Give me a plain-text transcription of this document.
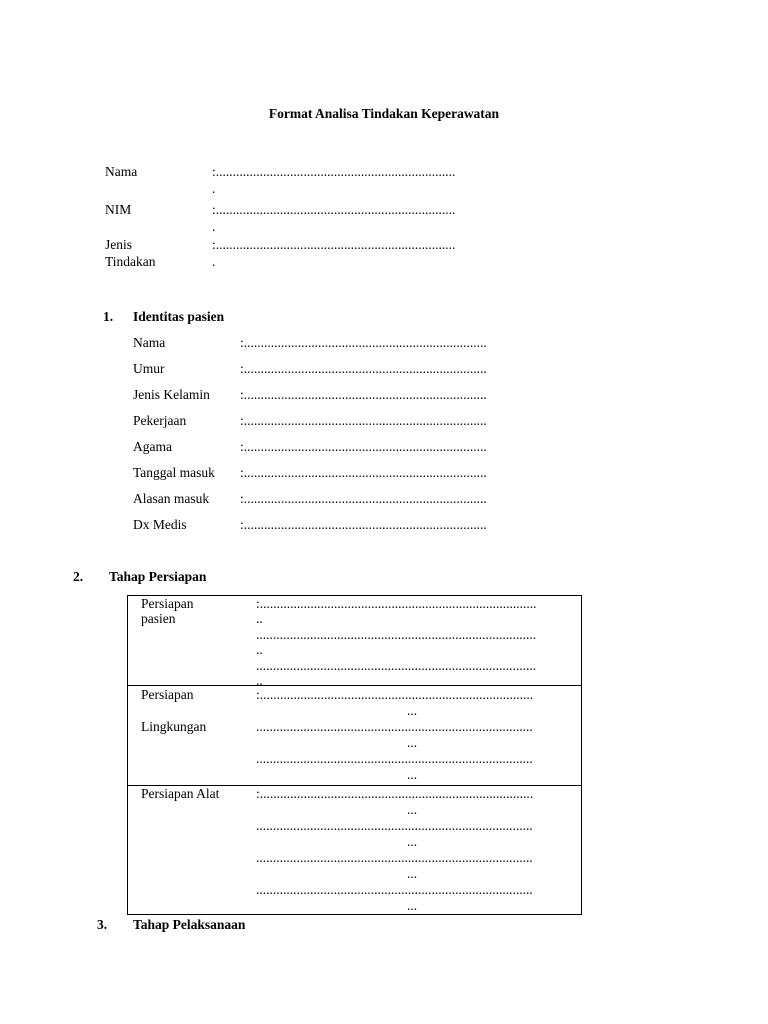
Format Analisa Tindakan Keperawatan
Nama	:.......................................................................
.
NIM	:.......................................................................
.
Jenis
Tindakan
:.......................................................................
.
1. Identitas pasien
Nama	:........................................................................
Umur	:........................................................................
Jenis Kelamin :........................................................................
Pekerjaan	:........................................................................
Agama	:........................................................................
Tanggal masuk :........................................................................
Alasan masuk :........................................................................
Dx Medis	:........................................................................
2. Tahap Persiapan
Persiapan
pasien
:..................................................................................
..
...................................................................................
..
...................................................................................
..
Persiapan
Lingkungan
:.................................................................................
...
..................................................................................
...
..................................................................................
...
Persiapan Alat	:.................................................................................
...
..................................................................................
...
..................................................................................
...
..................................................................................
...
3. Tahap Pelaksanaan
